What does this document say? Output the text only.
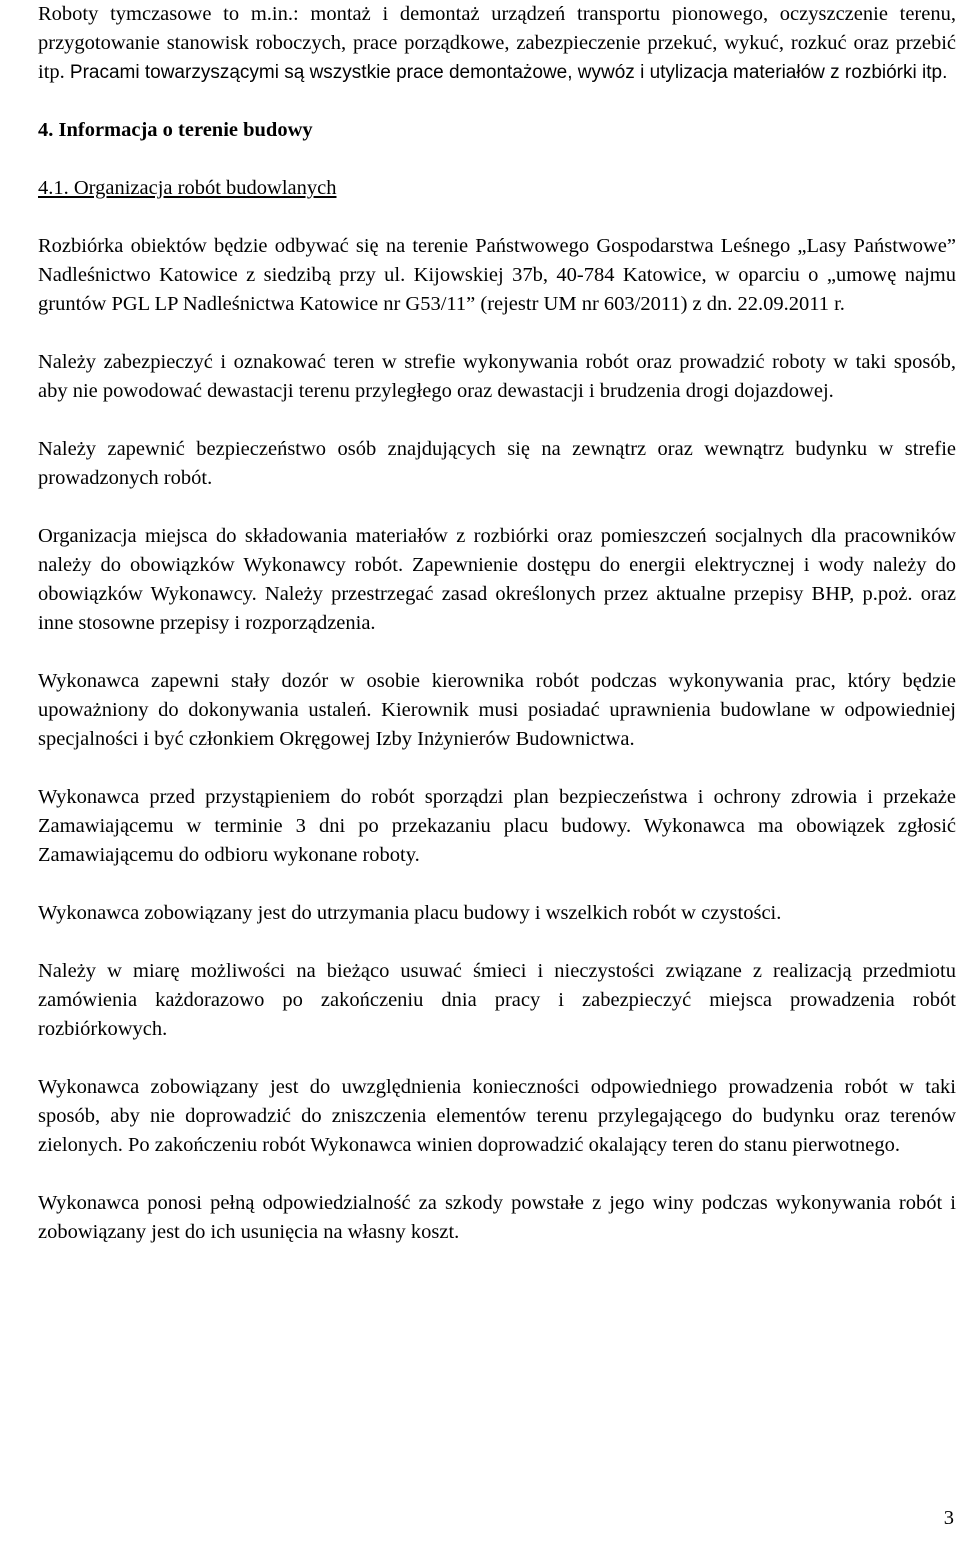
Roboty tymczasowe to m.in.: montaż i demontaż urządzeń transportu pionowego, oczyszczenie terenu, przygotowanie stanowisk roboczych, prace porządkowe, zabezpieczenie przekuć, wykuć, rozkuć oraz przebić itp. Pracami towarzyszącymi są wszystkie prace demontażowe, wywóz i utylizacja materiałów z rozbiórki itp.

4. Informacja o terenie budowy

4.1. Organizacja robót budowlanych

Rozbiórka obiektów będzie odbywać się na terenie Państwowego Gospodarstwa Leśnego „Lasy Państwowe” Nadleśnictwo Katowice z siedzibą przy ul. Kijowskiej 37b, 40-784 Katowice, w oparciu o „umowę najmu gruntów PGL LP Nadleśnictwa Katowice nr G53/11” (rejestr UM nr 603/2011) z dn. 22.09.2011 r.

Należy zabezpieczyć i oznakować teren w strefie wykonywania robót oraz prowadzić roboty w taki sposób, aby nie powodować dewastacji terenu przyległego oraz dewastacji i brudzenia drogi dojazdowej.

Należy zapewnić bezpieczeństwo osób znajdujących się na zewnątrz oraz wewnątrz budynku w strefie prowadzonych robót.

Organizacja miejsca do składowania materiałów z rozbiórki oraz pomieszczeń socjalnych dla pracowników należy do obowiązków Wykonawcy robót. Zapewnienie dostępu do energii elektrycznej i wody należy do obowiązków Wykonawcy. Należy przestrzegać zasad określonych przez aktualne przepisy BHP, p.poż. oraz inne stosowne przepisy i rozporządzenia.

Wykonawca zapewni stały dozór w osobie kierownika robót podczas wykonywania prac, który będzie upoważniony do dokonywania ustaleń. Kierownik musi posiadać uprawnienia budowlane w odpowiedniej specjalności i być członkiem Okręgowej Izby Inżynierów Budownictwa.

Wykonawca przed przystąpieniem do robót sporządzi plan bezpieczeństwa i ochrony zdrowia i przekaże Zamawiającemu w terminie 3 dni po przekazaniu placu budowy. Wykonawca ma obowiązek zgłosić Zamawiającemu do odbioru wykonane roboty.

Wykonawca zobowiązany jest do utrzymania placu budowy i wszelkich robót w czystości.

Należy w miarę możliwości na bieżąco usuwać śmieci i nieczystości związane z realizacją przedmiotu zamówienia każdorazowo po zakończeniu dnia pracy i zabezpieczyć miejsca prowadzenia robót rozbiórkowych.

Wykonawca zobowiązany jest do uwzględnienia konieczności odpowiedniego prowadzenia robót w taki sposób, aby nie doprowadzić do zniszczenia elementów terenu przylegającego do budynku oraz terenów zielonych. Po zakończeniu robót Wykonawca winien doprowadzić okalający teren do stanu pierwotnego.

Wykonawca ponosi pełną odpowiedzialność za szkody powstałe z jego winy podczas wykonywania robót i zobowiązany jest do ich usunięcia na własny koszt.

3
